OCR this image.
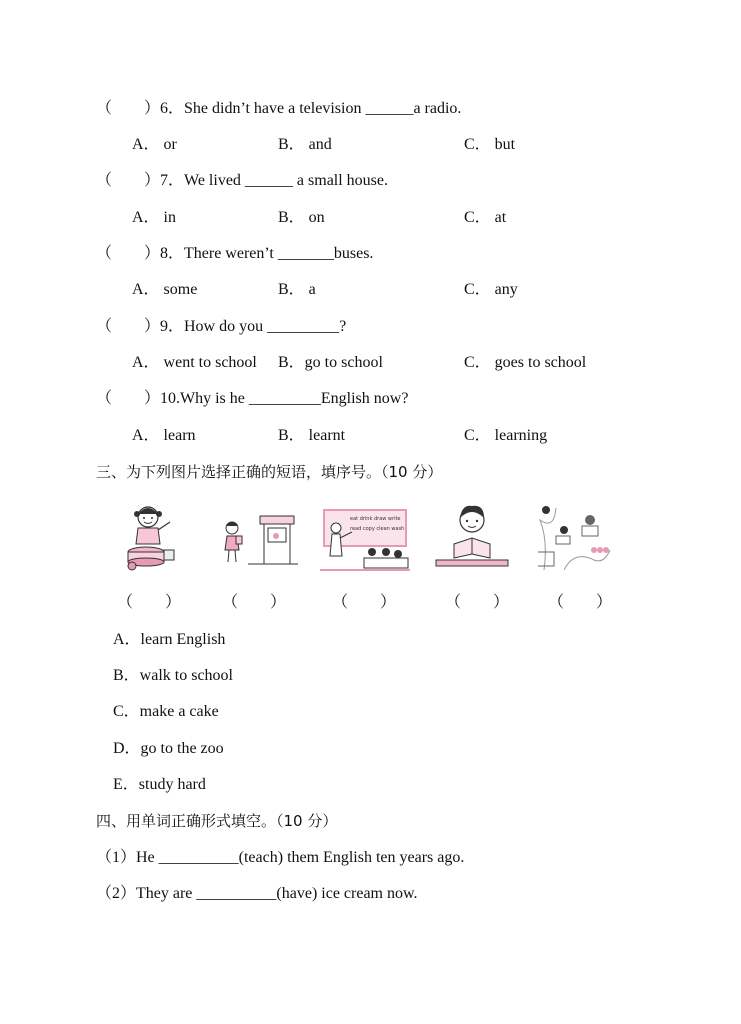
（　　）6．She didn’t have a television ______a radio.
A． or	B． and	C． but
（　　）7．We lived ______ a small house.
A． in	B． on	C． at
（　　）8．There weren’t _______buses.
A． some	B． a	C． any
（　　）9．How do you _________?
A． went to school B．go to school	C． goes to school
（　　）10.Why is he _________English now?
A． learn	B． learnt	C． learning
三、为下列图片选择正确的短语，填序号。（10 分）
eat drink draw write
read copy clean wash
（　　）	（　　）	（　　）	（　　） （　　）
A．learn English
B．walk to school
C．make a cake
D．go to the zoo
E．study hard
四、用单词正确形式填空。（10 分）
（1）He __________(teach) them English ten years ago.
（2）They are __________(have) ice cream now.
